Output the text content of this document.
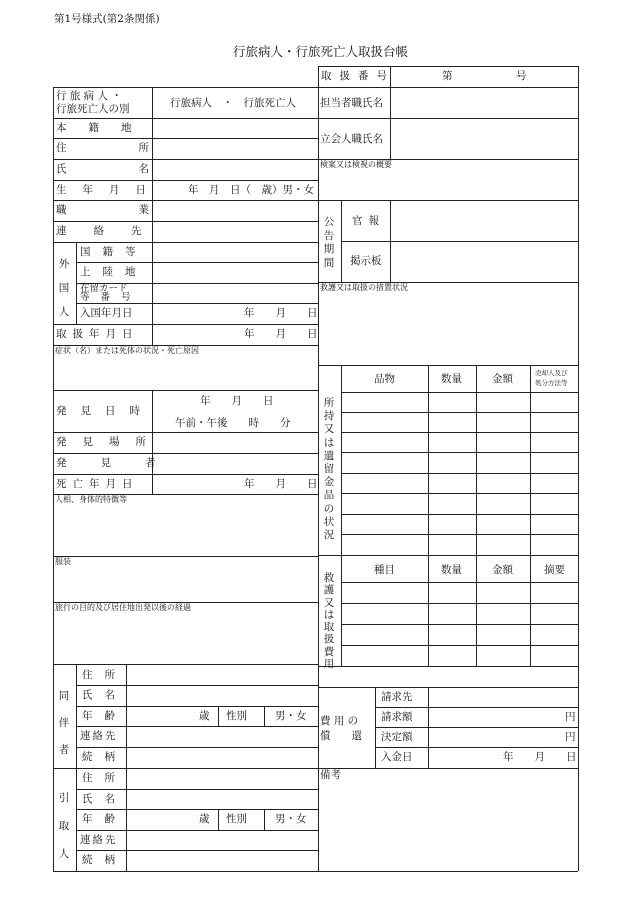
第1号様式(第2条関係)
行旅病人・行旅死亡人取扱台帳
行 旅 病 人 ・
行旅死亡人の別	行旅病人　・　行旅死亡人
本籍地
住所
氏名
生年月日 年　月　日（　歳）男・女
職業
連絡先
外国人
国籍等
上陸地
在留カード
等 番 号
入国年月日	年　　月　　日
取扱年月日	年　　月　　日
症状（名）または死体の状況・死亡原因
発見日時
年　　月　　日
午前・午後　　時　　分
発見場所
発見者
死亡年月日	年　　月　　日
人相、身体的特徴等
服装
旅行の目的及び居住地出発以後の経過
同伴者
住所
氏名
年齢	歳 性別	男・女
連絡先
続柄
引取人
住所
氏名
年齢	歳 性別	男・女
連絡先
続柄
取扱番号	第	号
担当者職氏名
立会人職氏名
検案又は検視の概要
公告期間
官報
掲示板
救護又は取扱の措置状況
所持又は遺留金品の状況
品物	数量	金額	売却人及び
処分方法等
救護又は取扱費用
種目	数量	金額	摘要
費 用 の
償　　還
請求先
請求額	円
決定額	円
入金日	年　　月　　日
備考
